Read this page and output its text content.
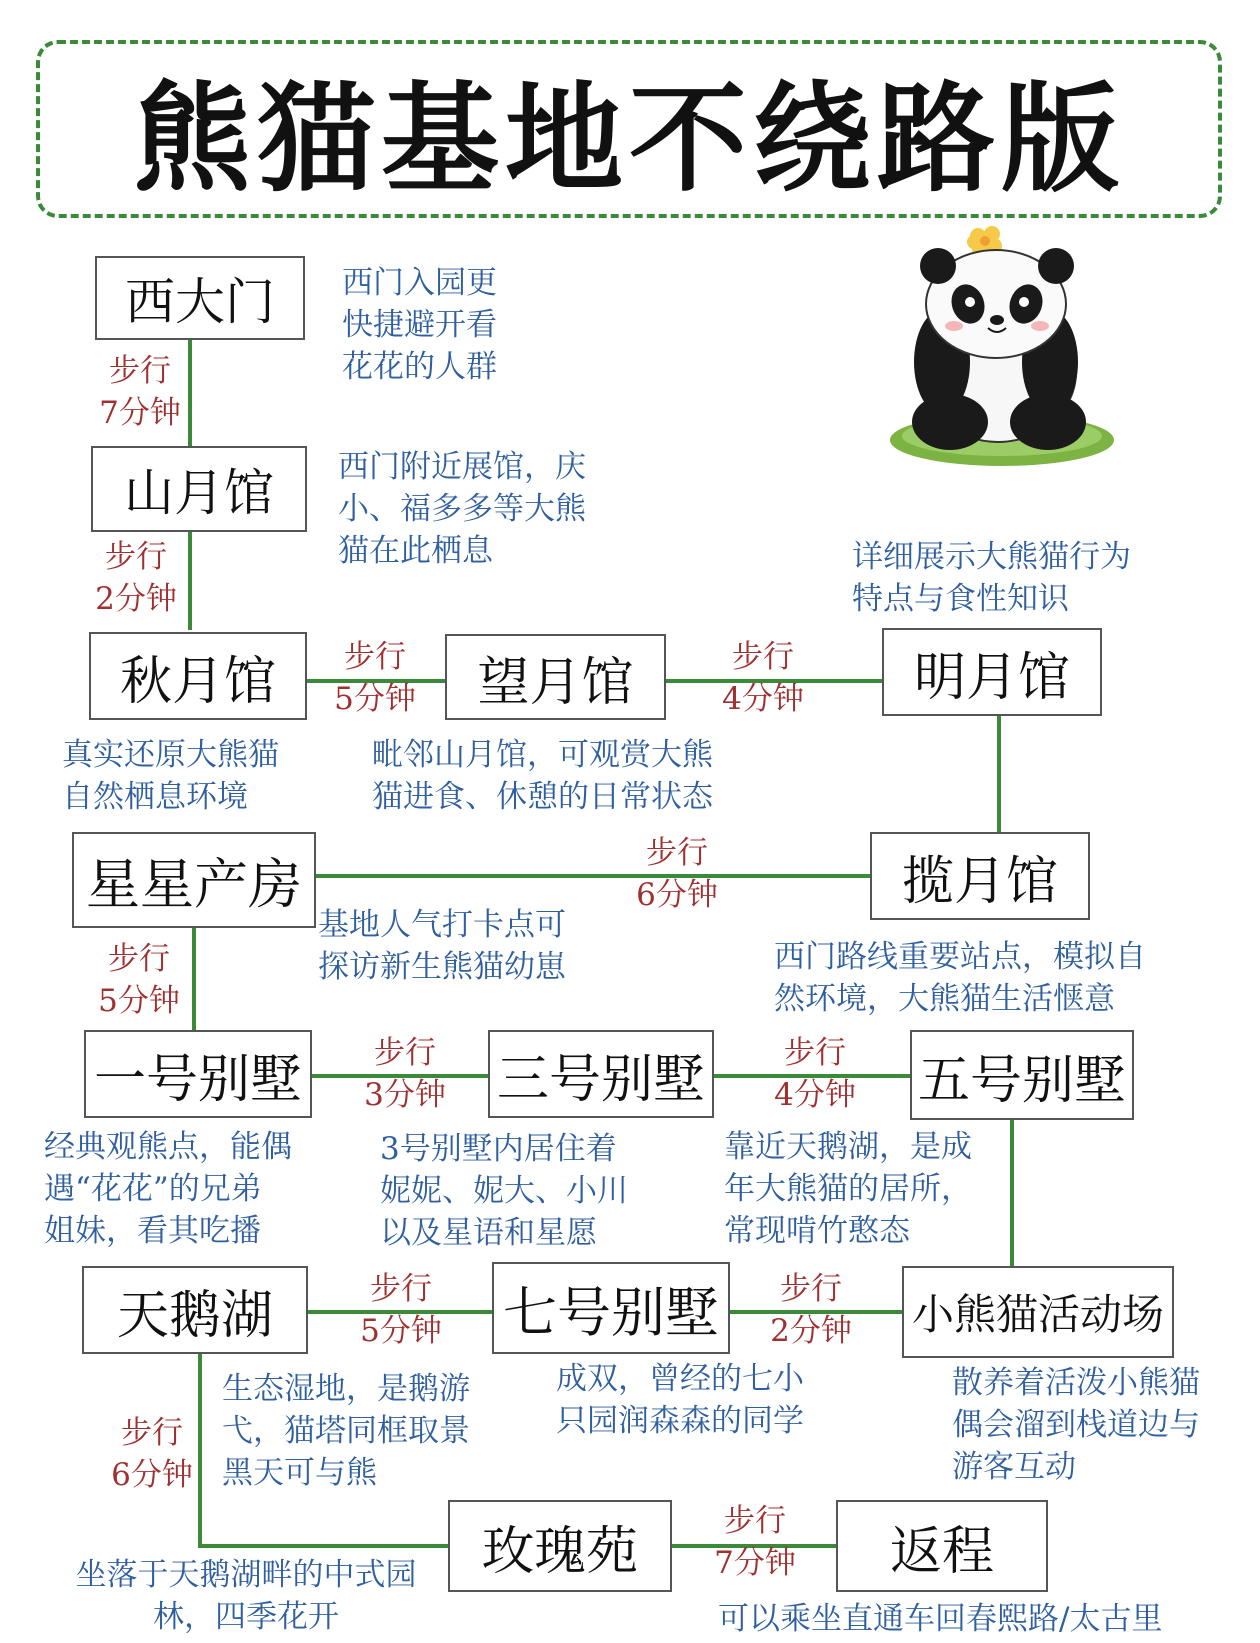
熊猫基地不绕路版
西大门
山月馆
秋月馆	望月馆	明月馆
揽月馆
星星产房
一号别墅	三号别墅	五号别墅
天鹅湖	七号别墅	小熊猫活动场
玫瑰苑	返程
步行
7分钟
步行
2分钟
步行
5分钟
步行
4分钟
步行
6分钟
步行
5分钟
步行
3分钟
步行
4分钟
步行
5分钟
步行
2分钟
步行
6分钟
步行
7分钟
西门入园更
快捷避开看
花花的人群
西门附近展馆，庆
小、福多多等大熊
猫在此栖息	详细展示大熊猫行为
特点与食性知识
真实还原大熊猫
自然栖息环境
毗邻山月馆，可观赏大熊
猫进食、休憩的日常状态
基地人气打卡点可
探访新生熊猫幼崽	西门路线重要站点，模拟自
然环境，大熊猫生活惬意
经典观熊点，能偶
遇“花花”的兄弟
姐妹，看其吃播
3号别墅内居住着
妮妮、妮大、小川
以及星语和星愿
靠近天鹅湖，是成
年大熊猫的居所，
常现啃竹憨态
生态湿地，是鹅游
弋，猫塔同框取景
黑天可与熊
成双，曾经的七小
只园润森森的同学
散养着活泼小熊猫
偶会溜到栈道边与
游客互动
坐落于天鹅湖畔的中式园
林，四季花开	可以乘坐直通车回春熙路/太古里
